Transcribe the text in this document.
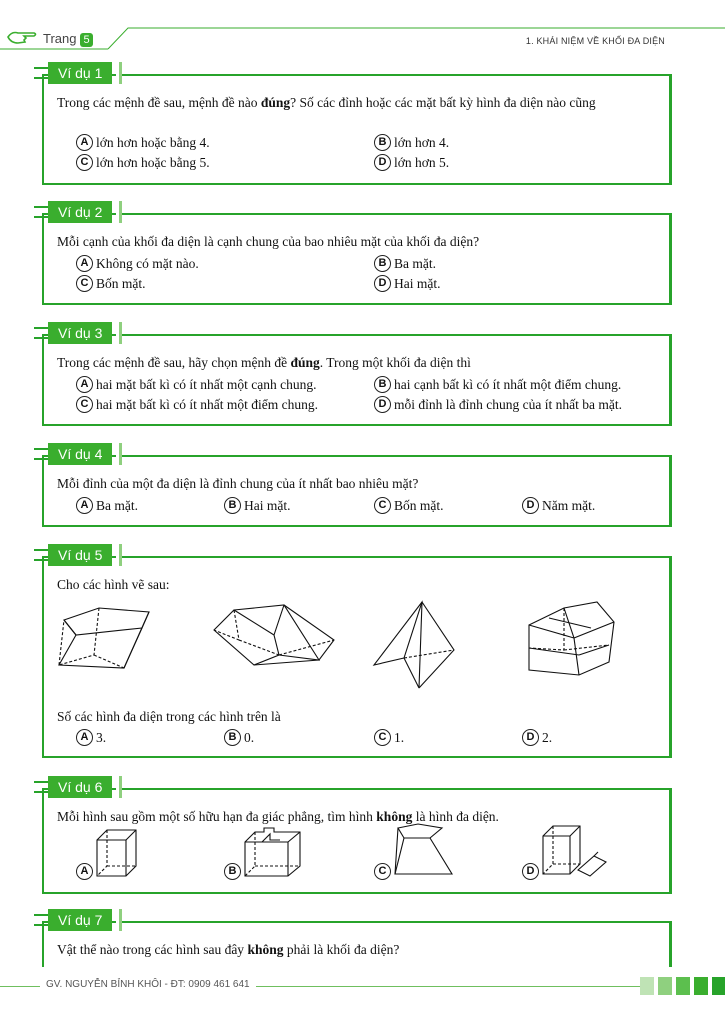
Trang 5	1. KHÁI NIỆM VỀ KHỐI ĐA DIỆN
Ví dụ 1
Trong các mệnh đề sau, mệnh đề nào đúng? Số các đỉnh hoặc các mặt bất kỳ hình đa diện nào cũng
A lớn hơn hoặc bằng 4.	B lớn hơn 4.
C lớn hơn hoặc bằng 5.	D lớn hơn 5.
Ví dụ 2
Mỗi cạnh của khối đa diện là cạnh chung của bao nhiêu mặt của khối đa diện?
A Không có mặt nào.	B Ba mặt.
C Bốn mặt.	D Hai mặt.
Ví dụ 3
Trong các mệnh đề sau, hãy chọn mệnh đề đúng. Trong một khối đa diện thì
A hai mặt bất kì có ít nhất một cạnh chung.	B hai cạnh bất kì có ít nhất một điểm chung.
C hai mặt bất kì có ít nhất một điểm chung.	D mỗi đỉnh là đỉnh chung của ít nhất ba mặt.
Ví dụ 4
Mỗi đỉnh của một đa diện là đỉnh chung của ít nhất bao nhiêu mặt?
A Ba mặt.	B Hai mặt.	C Bốn mặt.	D Năm mặt.
Ví dụ 5
Cho các hình vẽ sau:
Số các hình đa diện trong các hình trên là
A 3.	B 0.	C 1.	D 2.
Ví dụ 6
Mỗi hình sau gồm một số hữu hạn đa giác phẳng, tìm hình không là hình đa diện.
A	B	C	D
Ví dụ 7
Vật thể nào trong các hình sau đây không phải là khối đa diện?
GV. NGUYỄN BỈNH KHÔI - ĐT: 0909 461 641
